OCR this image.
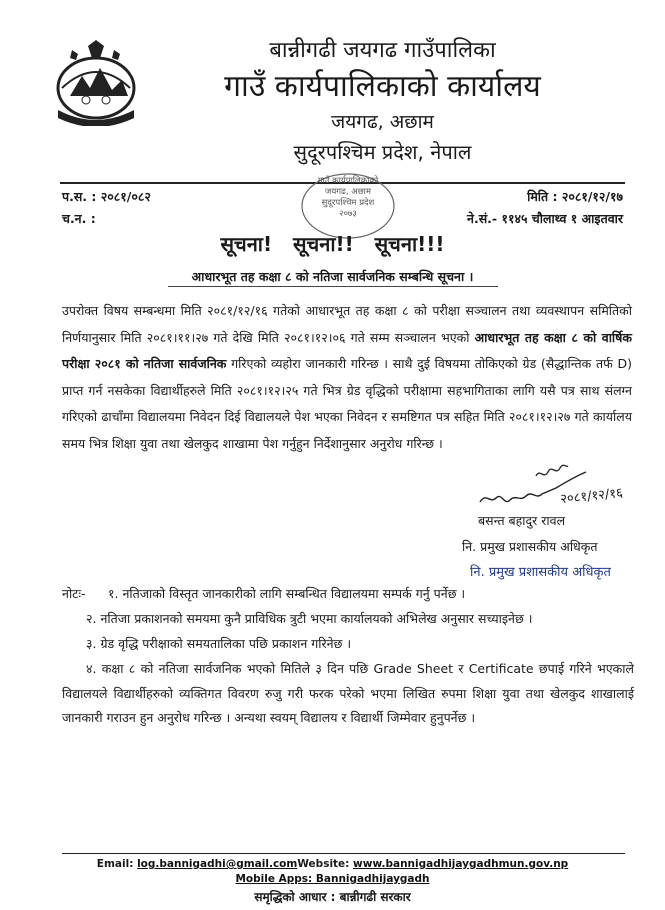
बान्नीगढी जयगढ गाउँपालिका
गाउँ कार्यपालिकाको कार्यालय
जयगढ, अछाम
सुदूरपश्चिम प्रदेश, नेपाल
प.स. : २०८१/०८२
च.न. :
मिति : २०८१/१२/१७
ने.सं.- ११४५ चौलाथ्व १ आइतवार
गाउँ कार्यपालिकाको
जयगढ, अछाम
सुदूरपश्चिम प्रदेश
२०७३
सूचना!   सूचना!!   सूचना!!!
आधारभूत तह कक्षा ८ को नतिजा सार्वजनिक सम्बन्धि सूचना ।
उपरोक्त विषय सम्बन्धमा मिति २०८१/१२/१६ गतेको आधारभूत तह कक्षा ८ को परीक्षा सञ्चालन तथा व्यवस्थापन समितिको निर्णयानुसार मिति २०८१।११।२७ गते देखि मिति २०८१।१२।०६ गते सम्म सञ्चालन भएको आधारभूत तह कक्षा ८ को वार्षिक परीक्षा २०८१ को नतिजा सार्वजनिक गरिएको व्यहोरा जानकारी गरिन्छ । साथै दुई विषयमा तोकिएको ग्रेड (सैद्धान्तिक तर्फ D) प्राप्त गर्न नसकेका विद्यार्थीहरुले मिति २०८१।१२।२५ गते भित्र ग्रेड वृद्धिको परीक्षामा सहभागिताका लागि यसै पत्र साथ संलग्न गरिएको ढाचाँमा विद्यालयमा निवेदन दिई विद्यालयले पेश भएका निवेदन र समष्टिगत पत्र सहित मिति २०८१।१२।२७ गते कार्यालय समय भित्र शिक्षा युवा तथा खेलकुद शाखामा पेश गर्नुहुन निर्देशानुसार अनुरोध गरिन्छ ।
२०८१/१२/१६
बसन्त बहादुर रावल
नि. प्रमुख प्रशासकीय अधिकृत
नि. प्रमुख प्रशासकीय अधिकृत
नोटः- १. नतिजाको विस्तृत जानकारीको लागि सम्बन्धित विद्यालयमा सम्पर्क गर्नु पर्नेछ ।
२. नतिजा प्रकाशनको समयमा कुनै प्राविधिक त्रुटी भएमा कार्यालयको अभिलेख अनुसार सच्याइनेछ ।
३. ग्रेड वृद्धि परीक्षाको समयतालिका पछि प्रकाशन गरिनेछ ।
४. कक्षा ८ को नतिजा सार्वजनिक भएको मितिले ३ दिन पछि Grade Sheet र Certificate छपाई गरिने भएकाले विद्यालयले विद्यार्थीहरुको व्यक्तिगत विवरण रुजु गरी फरक परेको भएमा लिखित रुपमा शिक्षा युवा तथा खेलकुद शाखालाई जानकारी गराउन हुन अनुरोध गरिन्छ । अन्यथा स्वयम् विद्यालय र विद्यार्थी जिम्मेवार हुनुपर्नेछ ।
Email: log.bannigadhi@gmail.comWebsite: www.bannigadhijaygadhmun.gov.np
Mobile Apps: Bannigadhijaygadh
समृद्धिको आधार : बान्नीगढी सरकार
